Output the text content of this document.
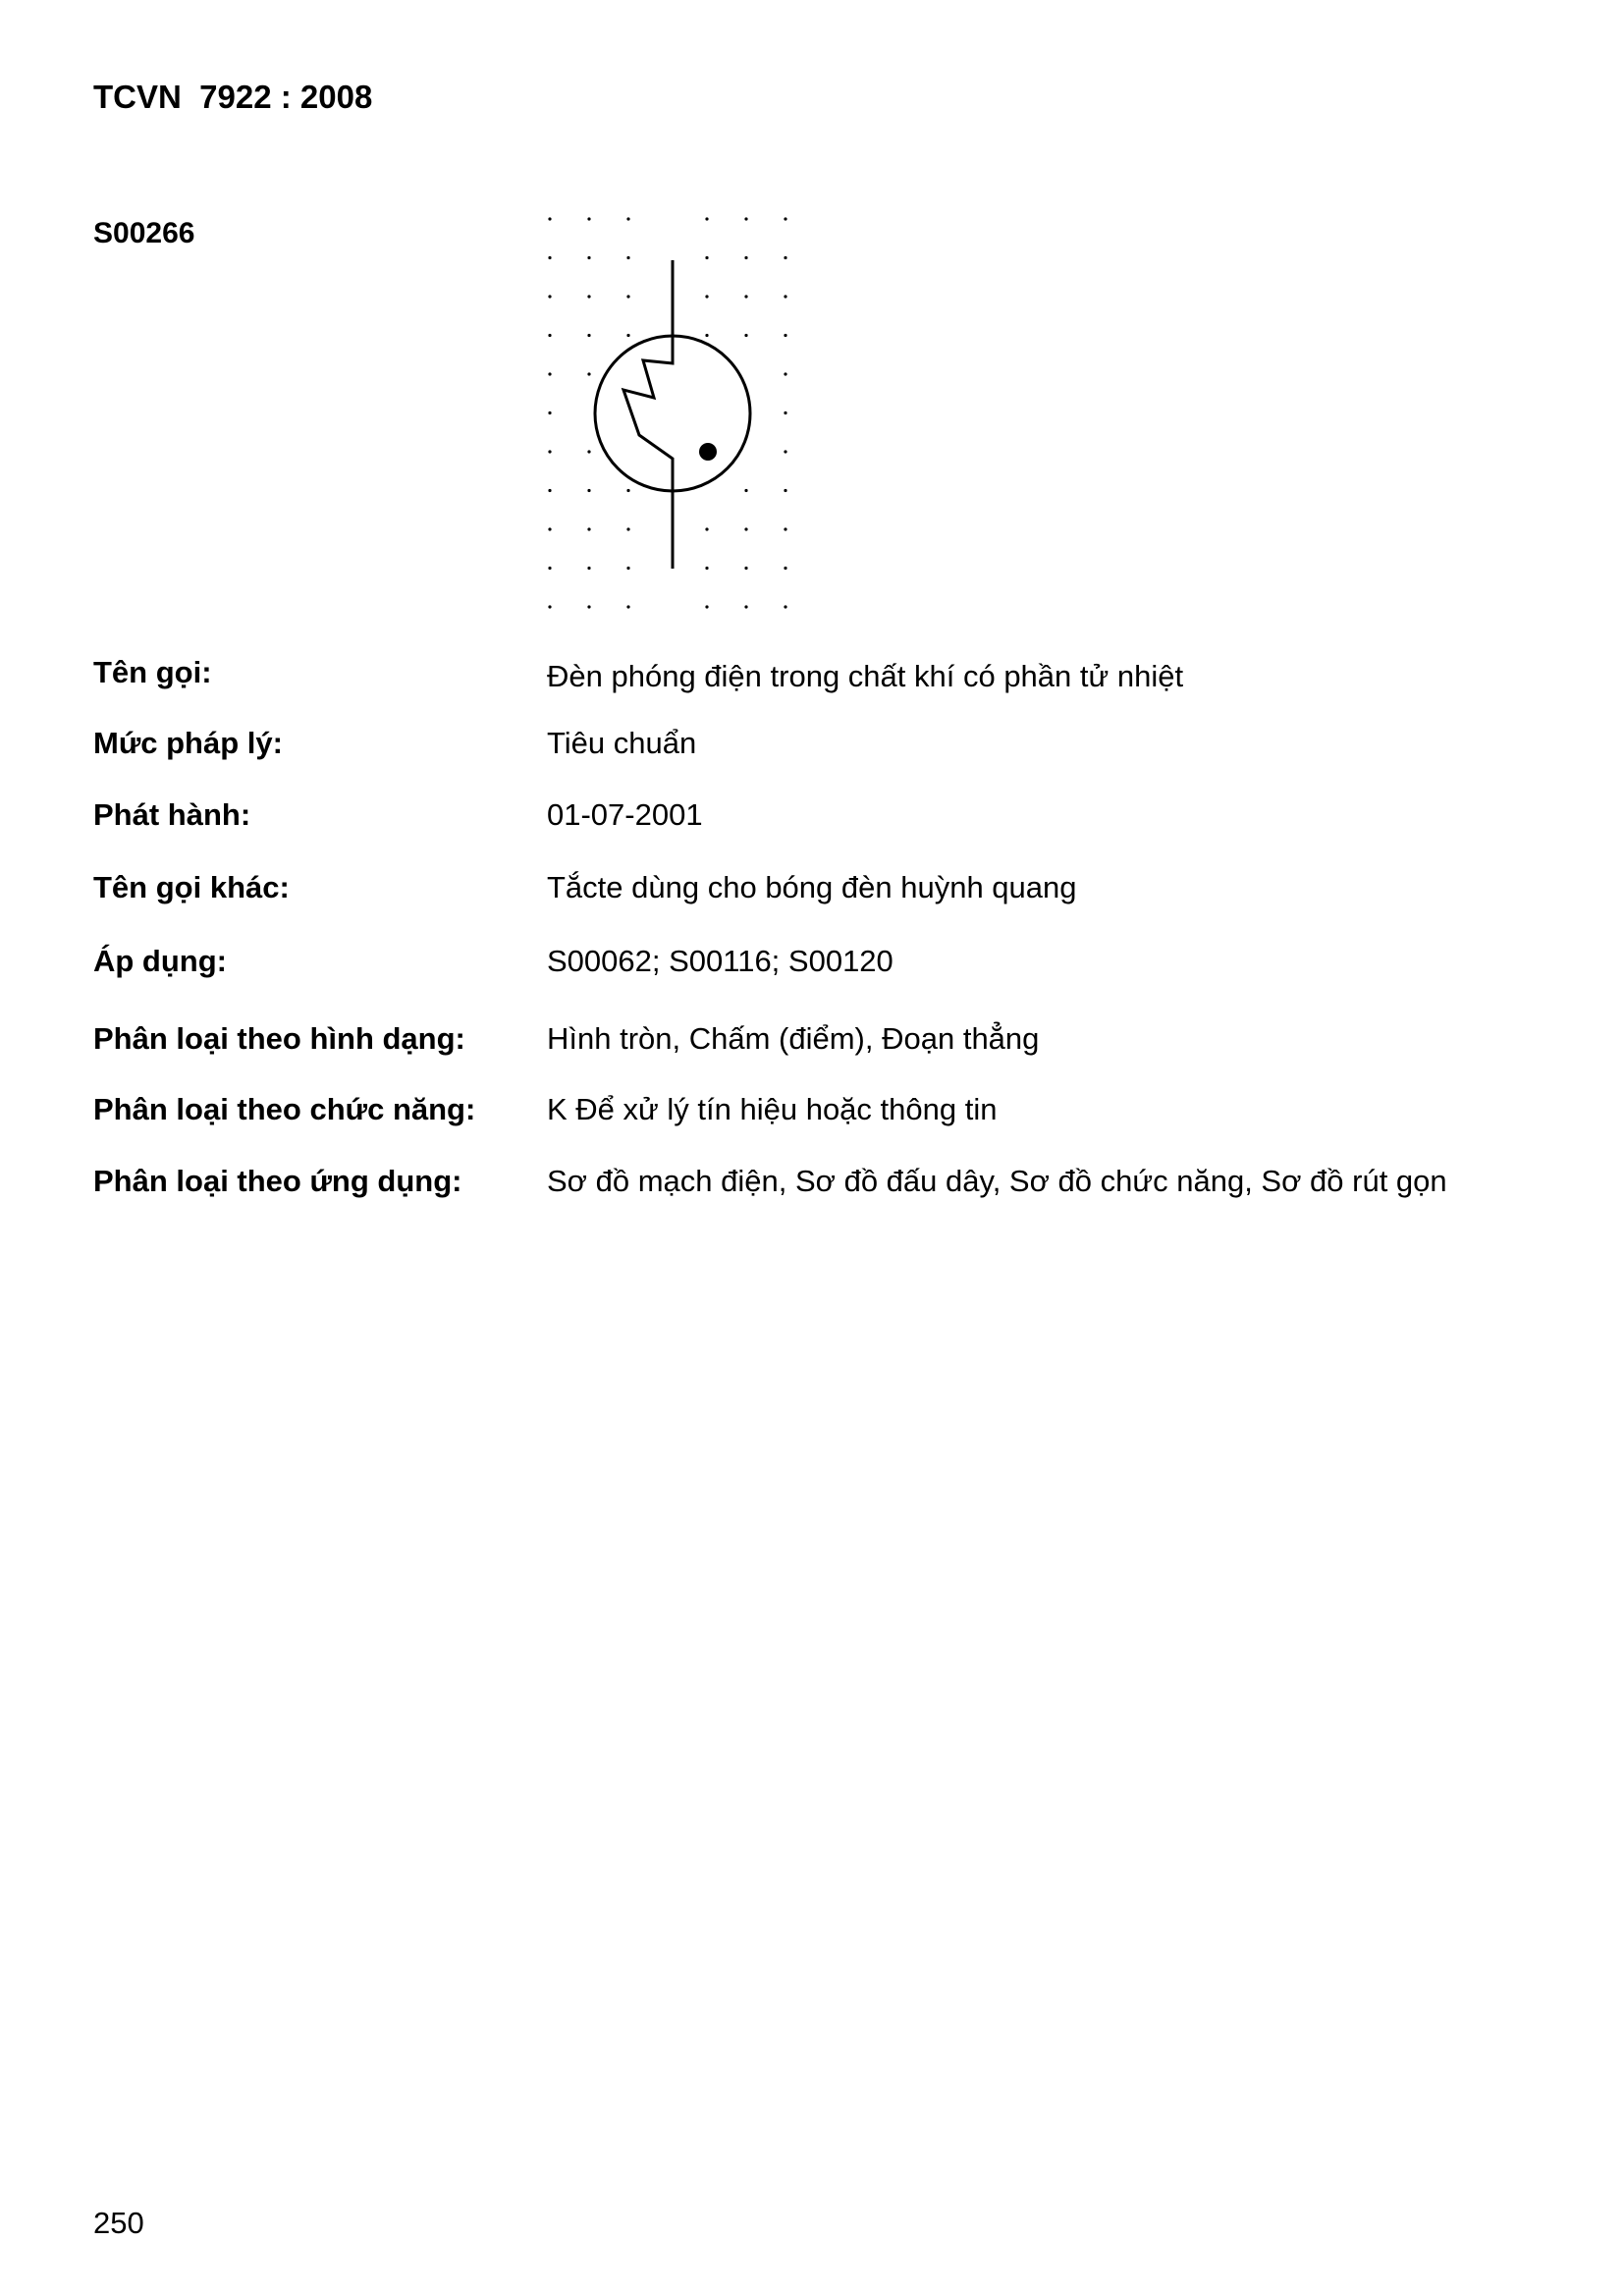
TCVN  7922 : 2008
S00266
Tên gọi:	Đèn phóng điện trong chất khí có phần tử nhiệt
Mức pháp lý:	Tiêu chuẩn
Phát hành:	01-07-2001
Tên gọi khác:	Tắcte dùng cho bóng đèn huỳnh quang
Áp dụng:	S00062; S00116; S00120
Phân loại theo hình dạng:	Hình tròn, Chấm (điểm), Đoạn thẳng
Phân loại theo chức năng: K Để xử lý tín hiệu hoặc thông tin
Phân loại theo ứng dụng:	Sơ đồ mạch điện, Sơ đồ đấu dây, Sơ đồ chức năng, Sơ đồ rút gọn
250
